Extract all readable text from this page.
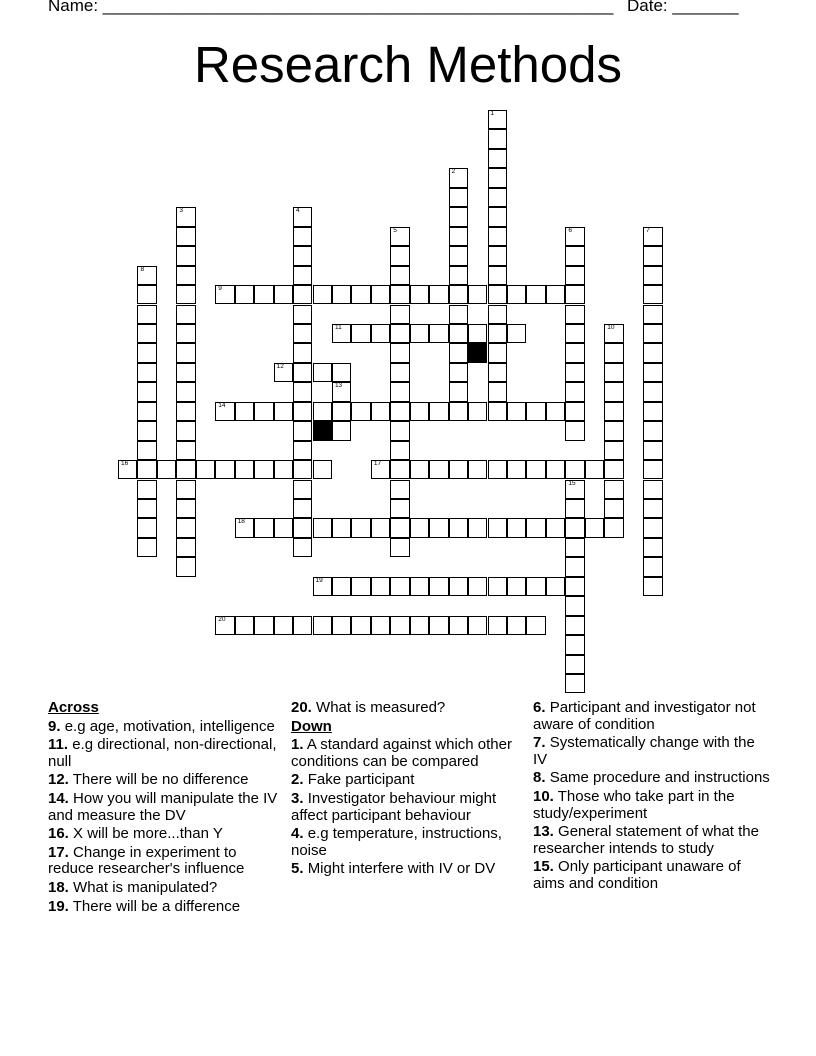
Name: ______________________________________________________ Date: _______
Research Methods
9
11
12
14
16	17
18
19
20
1
2
3	4
5	6	7
8
10
13
15
Across
9. e.g age, motivation, intelligence
11. e.g directional, non-directional, null
12. There will be no difference
14. How you will manipulate the IV and measure the DV
16. X will be more...than Y
17. Change in experiment to reduce researcher's influence
18. What is manipulated?
19. There will be a difference
20. What is measured?
Down
1. A standard against which other conditions can be compared
2. Fake participant
3. Investigator behaviour might affect participant behaviour
4. e.g temperature, instructions, noise
5. Might interfere with IV or DV
6. Participant and investigator not aware of condition
7. Systematically change with the IV
8. Same procedure and instructions
10. Those who take part in the study/experiment
13. General statement of what the researcher intends to study
15. Only participant unaware of aims and condition
